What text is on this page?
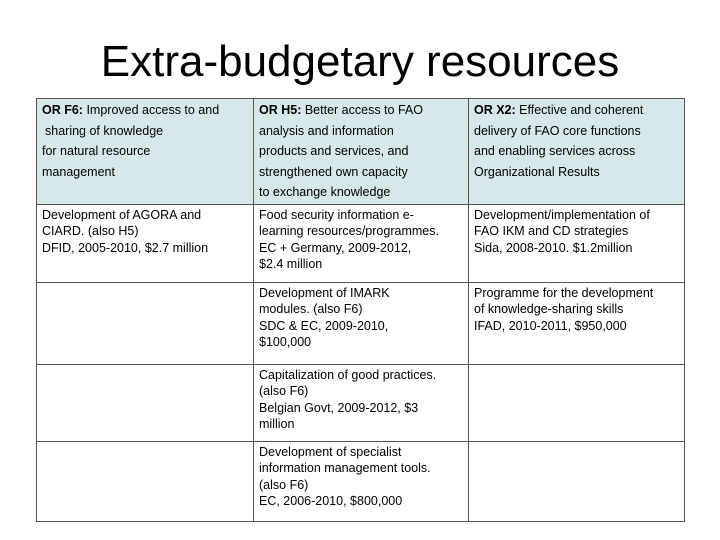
Extra-budgetary resources
OR F6: Improved access to and
sharing of knowledge
for natural resource
management	OR H5: Better access to FAO
analysis and information
products and services, and
strengthened own capacity
to exchange knowledge	OR X2: Effective and coherent
delivery of FAO core functions
and enabling services across
Organizational Results

Development of AGORA and
CIARD. (also H5)
DFID, 2005-2010, $2.7 million	Food security information e-
learning resources/programmes.
EC + Germany, 2009-2012,
$2.4 million	Development/implementation of
FAO IKM and CD strategies
Sida, 2008-2010. $1.2million

	Development of IMARK
modules. (also F6)
SDC & EC, 2009-2010,
$100,000	Programme for the development
of knowledge-sharing skills
IFAD, 2010-2011, $950,000

	Capitalization of good practices.
(also F6)
Belgian Govt, 2009-2012, $3
million	

	Development of specialist
information management tools.
(also F6)
EC, 2006-2010, $800,000	
